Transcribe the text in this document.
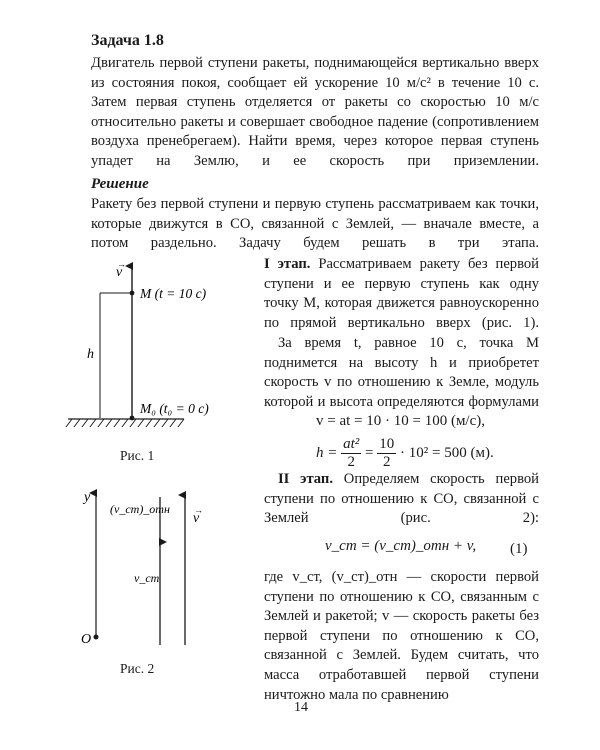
Задача 1.8

Двигатель первой ступени ракеты, поднимающейся вертикально вверх из состояния покоя, сообщает ей ускорение 10 м/с² в течение 10 с. Затем первая ступень отделяется от ракеты со скоростью 10 м/с относительно ракеты и совершает свободное падение (сопротивлением воздуха пренебрегаем). Найти время, через которое первая ступень упадет на Землю, и ее скорость при приземлении.

Решение

Ракету без первой ступени и первую ступень рассматриваем как точки, которые движутся в СО, связанной с Землей, — вначале вместе, а потом раздельно. Задачу будем решать в три этапа.

I этап. Рассматриваем ракету без первой ступени и ее первую ступень как одну точку M, которая движется равноускоренно по прямой вертикально вверх (рис. 1).

За время t, равное 10 с, точка M поднимется на высоту h и приобретет скорость v по отношению к Земле, модуль которой и высота определяются формулами

v = at = 10 · 10 = 100 (м/с),
$h = \frac{\text{at²}}{2} = \frac{10}{2} \cdot 10^2 = 500$ (м).

II этап. Определяем скорость первой ступени по отношению к СО, связанной с Землей (рис. 2):

v_ст = (v_ст)_отн + v, (1)

где v_ст, (v_ст)_отн — скорости первой ступени по отношению к СО, связанным с Землей и ракетой; v — скорость ракеты без первой ступени по отношению к СО, связанной с Землей. Будем считать, что масса отработавшей первой ступени ничтожно мала по сравнению

v
→
M (t = 10 с)
h
M₀ (t₀ = 0 с)
Рис. 1
y
O
(v_ст)_отн
v
→
v_ст
Рис. 2
14
